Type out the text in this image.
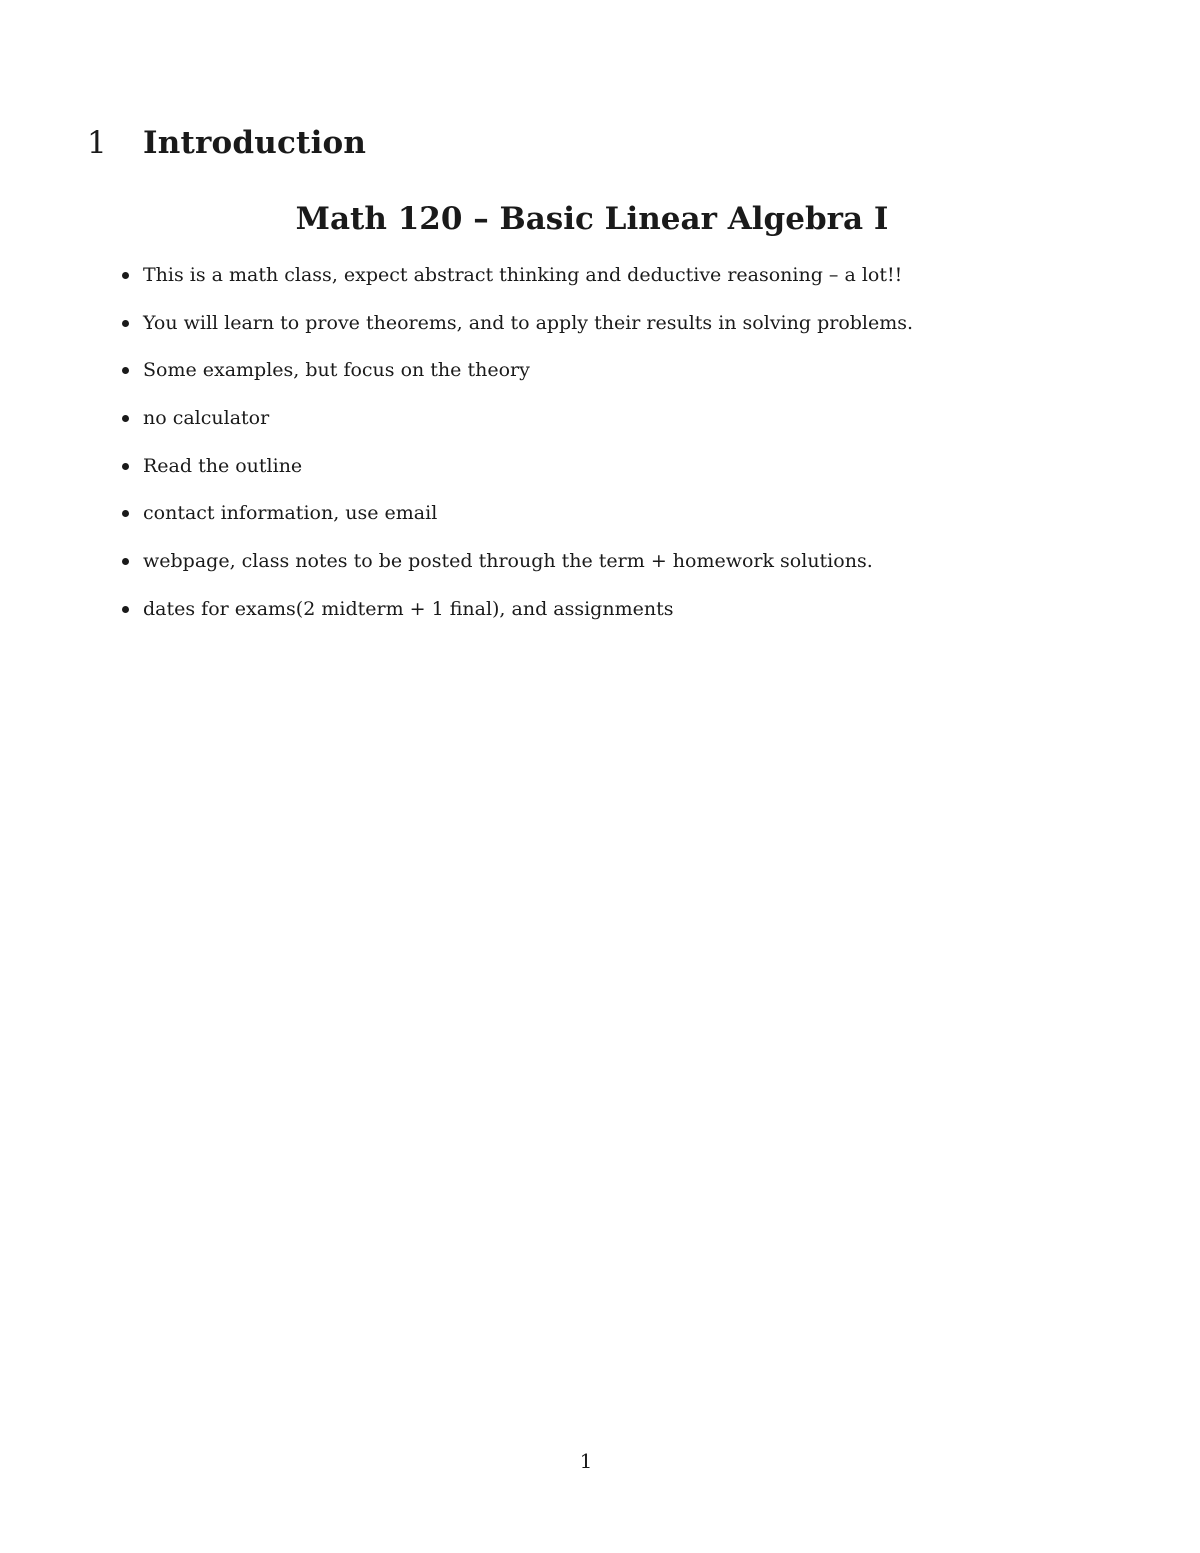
1 Introduction
Math 120 – Basic Linear Algebra I
This is a math class, expect abstract thinking and deductive reasoning – a lot!!
You will learn to prove theorems, and to apply their results in solving problems.
Some examples, but focus on the theory
no calculator
Read the outline
contact information, use email
webpage, class notes to be posted through the term + homework solutions.
dates for exams(2 midterm + 1 final), and assignments
1
